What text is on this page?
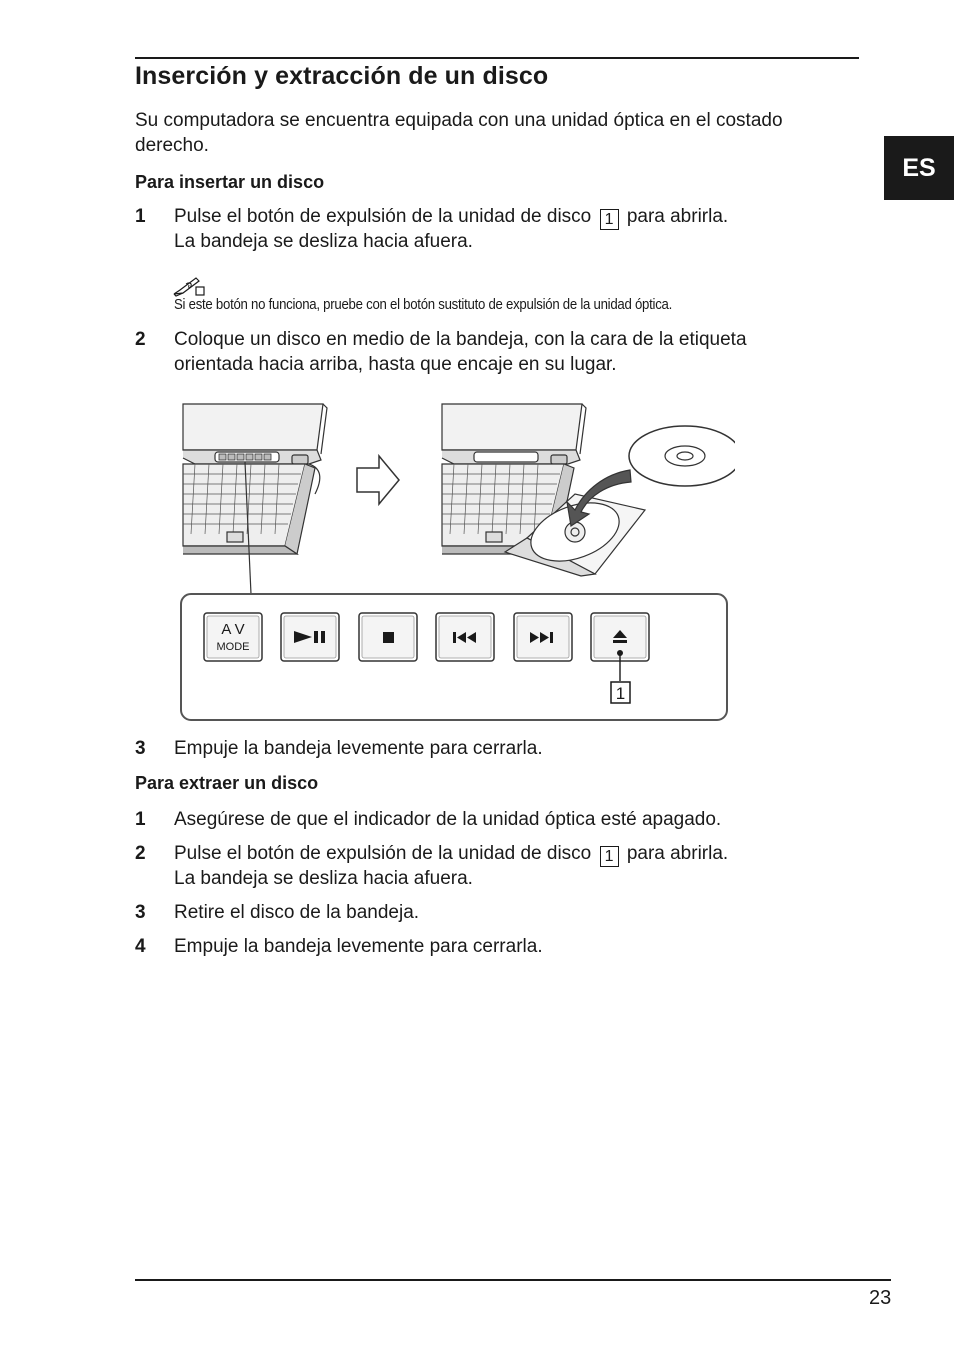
Inserción y extracción de un disco
ES

Su computadora se encuentra equipada con una unidad óptica en el costado

derecho.

Para insertar un disco

1	Pulse el botón de expulsión de la unidad de disco 1 para abrirla.
La bandeja se desliza hacia afuera.
Si este botón no funciona, pruebe con el botón sustituto de expulsión de la unidad óptica.
2	Coloque un disco en medio de la bandeja, con la cara de la etiqueta
orientada hacia arriba, hasta que encaje en su lugar.
A V
MODE
1
3	Empuje la bandeja levemente para cerrarla.

Para extraer un disco

1	Asegúrese de que el indicador de la unidad óptica esté apagado.
2	Pulse el botón de expulsión de la unidad de disco 1 para abrirla.
La bandeja se desliza hacia afuera.
3	Retire el disco de la bandeja.
4	Empuje la bandeja levemente para cerrarla.
23
